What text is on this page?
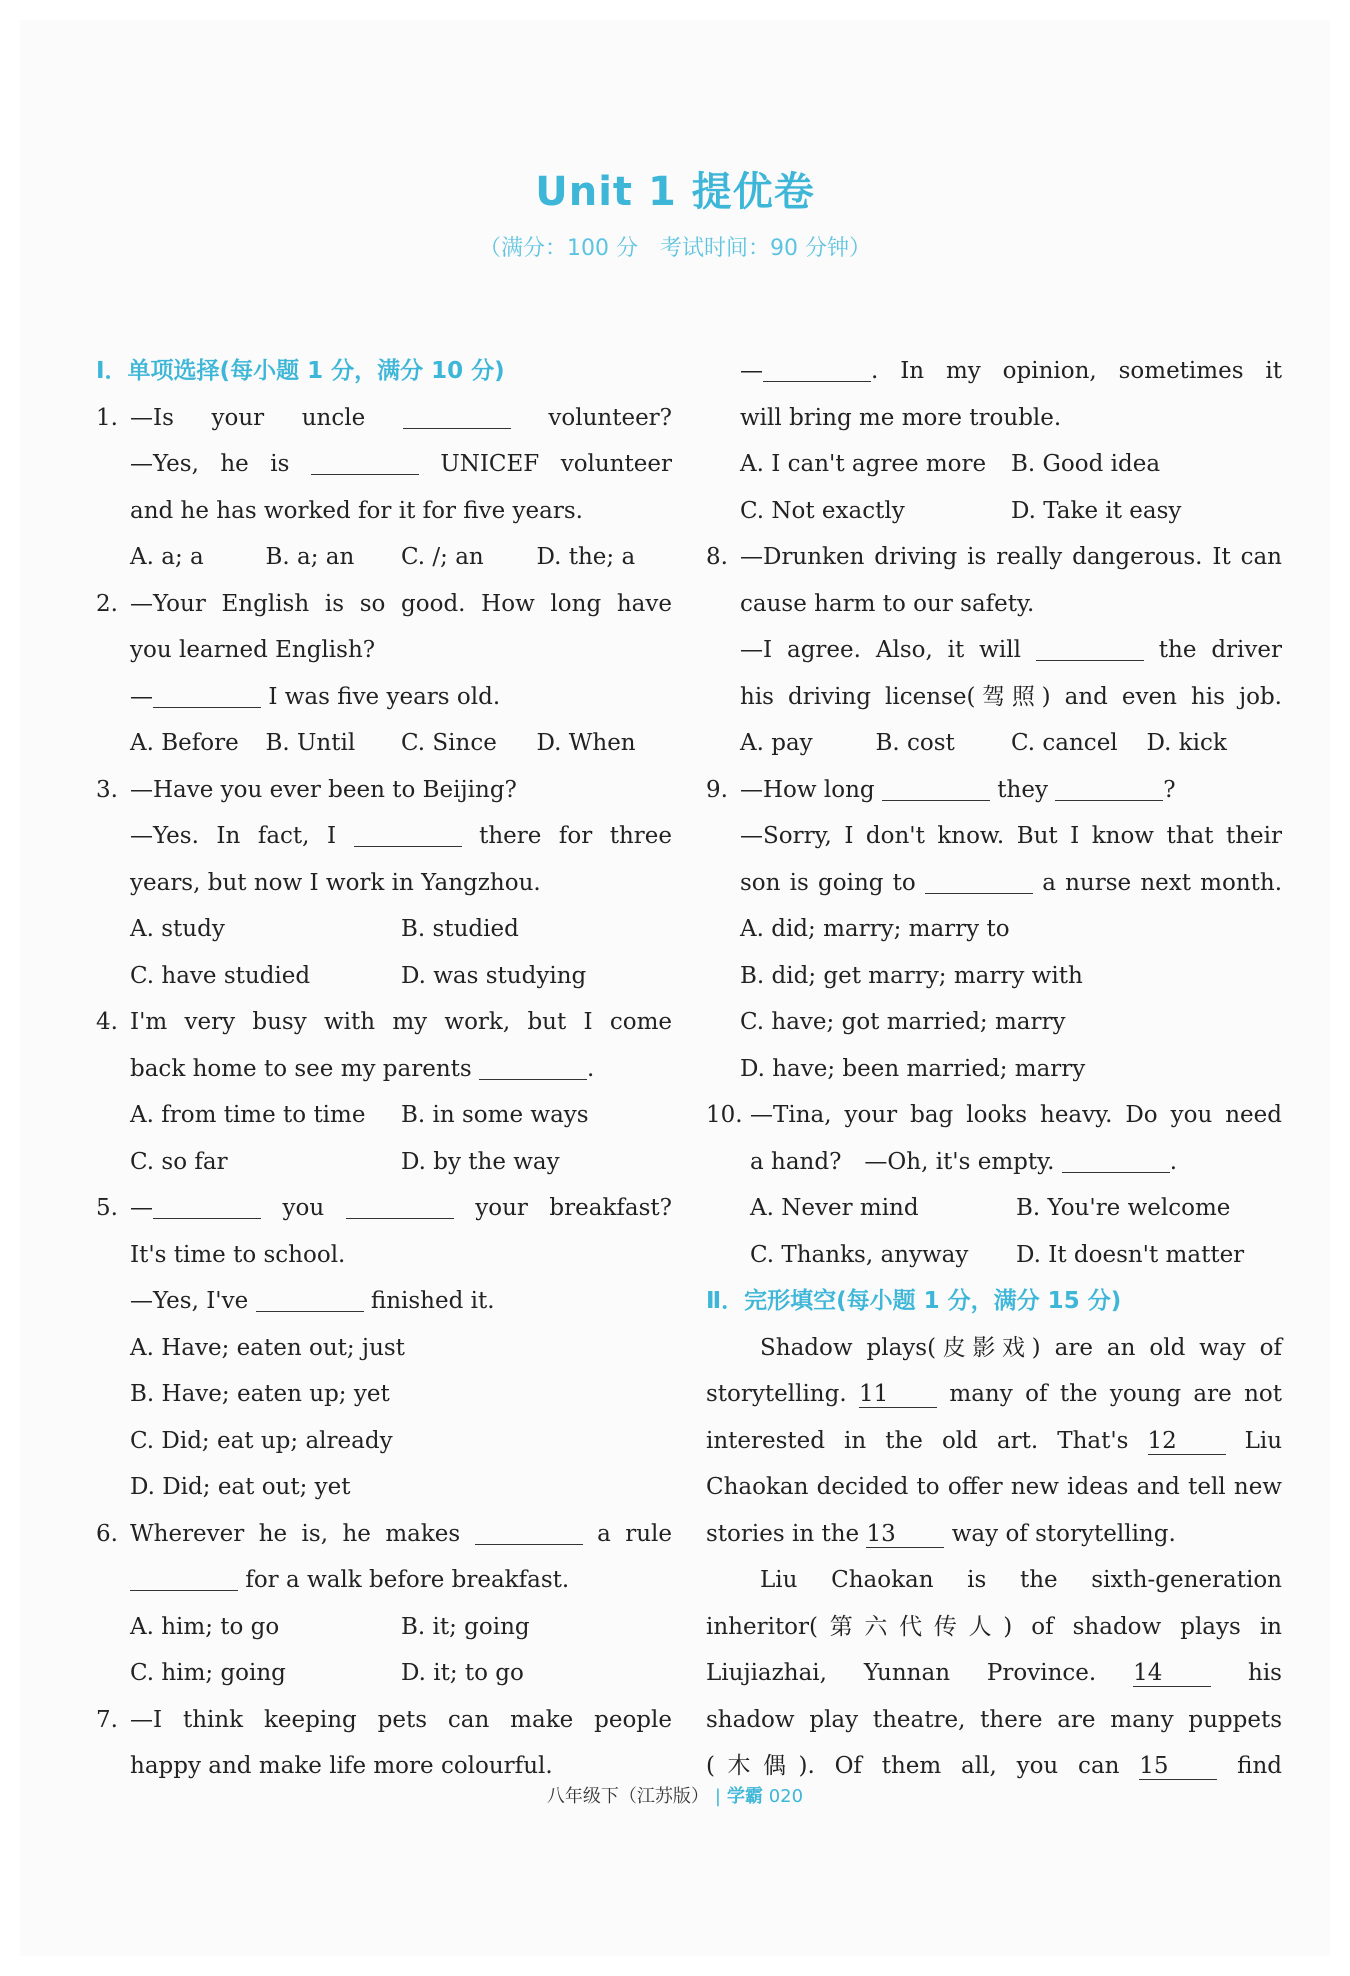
Unit 1 提优卷
（满分：100 分　考试时间：90 分钟）
Ⅰ．单项选择(每小题 1 分，满分 10 分)
1. —Is your uncle	volunteer?
—Yes, he is	UNICEF volunteer
and he has worked for it for five years.
A. a; a	B. a; an	C. /; an	D. the; a
2. —Your English is so good. How long have
you learned English?
—	I was five years old.
A. Before	B. Until	C. Since	D. When
3. —Have you ever been to Beijing?
—Yes. In fact, I	there for three
years, but now I work in Yangzhou.
A. study	B. studied
C. have studied	D. was studying
4. I'm very busy with my work, but I come
back home to see my parents	.
A. from time to time	B. in some ways
C. so far	D. by the way
5. —	you	your breakfast?
It's time to school.
—Yes, I've	finished it.
A. Have; eaten out; just
B. Have; eaten up; yet
C. Did; eat up; already
D. Did; eat out; yet
6. Wherever he is, he makes	a rule
for a walk before breakfast.
A. him; to go	B. it; going
C. him; going	D. it; to go
7. —I think keeping pets can make people
happy and make life more colourful.
—	. In my opinion, sometimes it
will bring me more trouble.
A. I can't agree more	B. Good idea
C. Not exactly	D. Take it easy
8. —Drunken driving is really dangerous. It can
cause harm to our safety.
—I agree. Also, it will	the driver
his driving license(驾照) and even his job.
A. pay	B. cost	C. cancel	D. kick
9. —How long	they	?
—Sorry, I don't know. But I know that their
son is going to	a nurse next month.
A. did; marry; marry to
B. did; get marry; marry with
C. have; got married; marry
D. have; been married; marry
10. —Tina, your bag looks heavy. Do you need
a hand?　—Oh, it's empty.	.
A. Never mind	B. You're welcome
C. Thanks, anyway	D. It doesn't matter
Ⅱ．完形填空(每小题 1 分，满分 15 分)
Shadow plays(皮影戏) are an old way of
storytelling. 11	many of the young are not
interested in the old art. That's 12	Liu
Chaokan decided to offer new ideas and tell new
stories in the 13 way of storytelling.
Liu Chaokan is the sixth-generation
inheritor(第六代传人) of shadow plays in
Liujiazhai, Yunnan Province. 14	his
shadow play theatre, there are many puppets
(木偶). Of them all, you can 15	find
八年级下（江苏版） | 学霸 020
